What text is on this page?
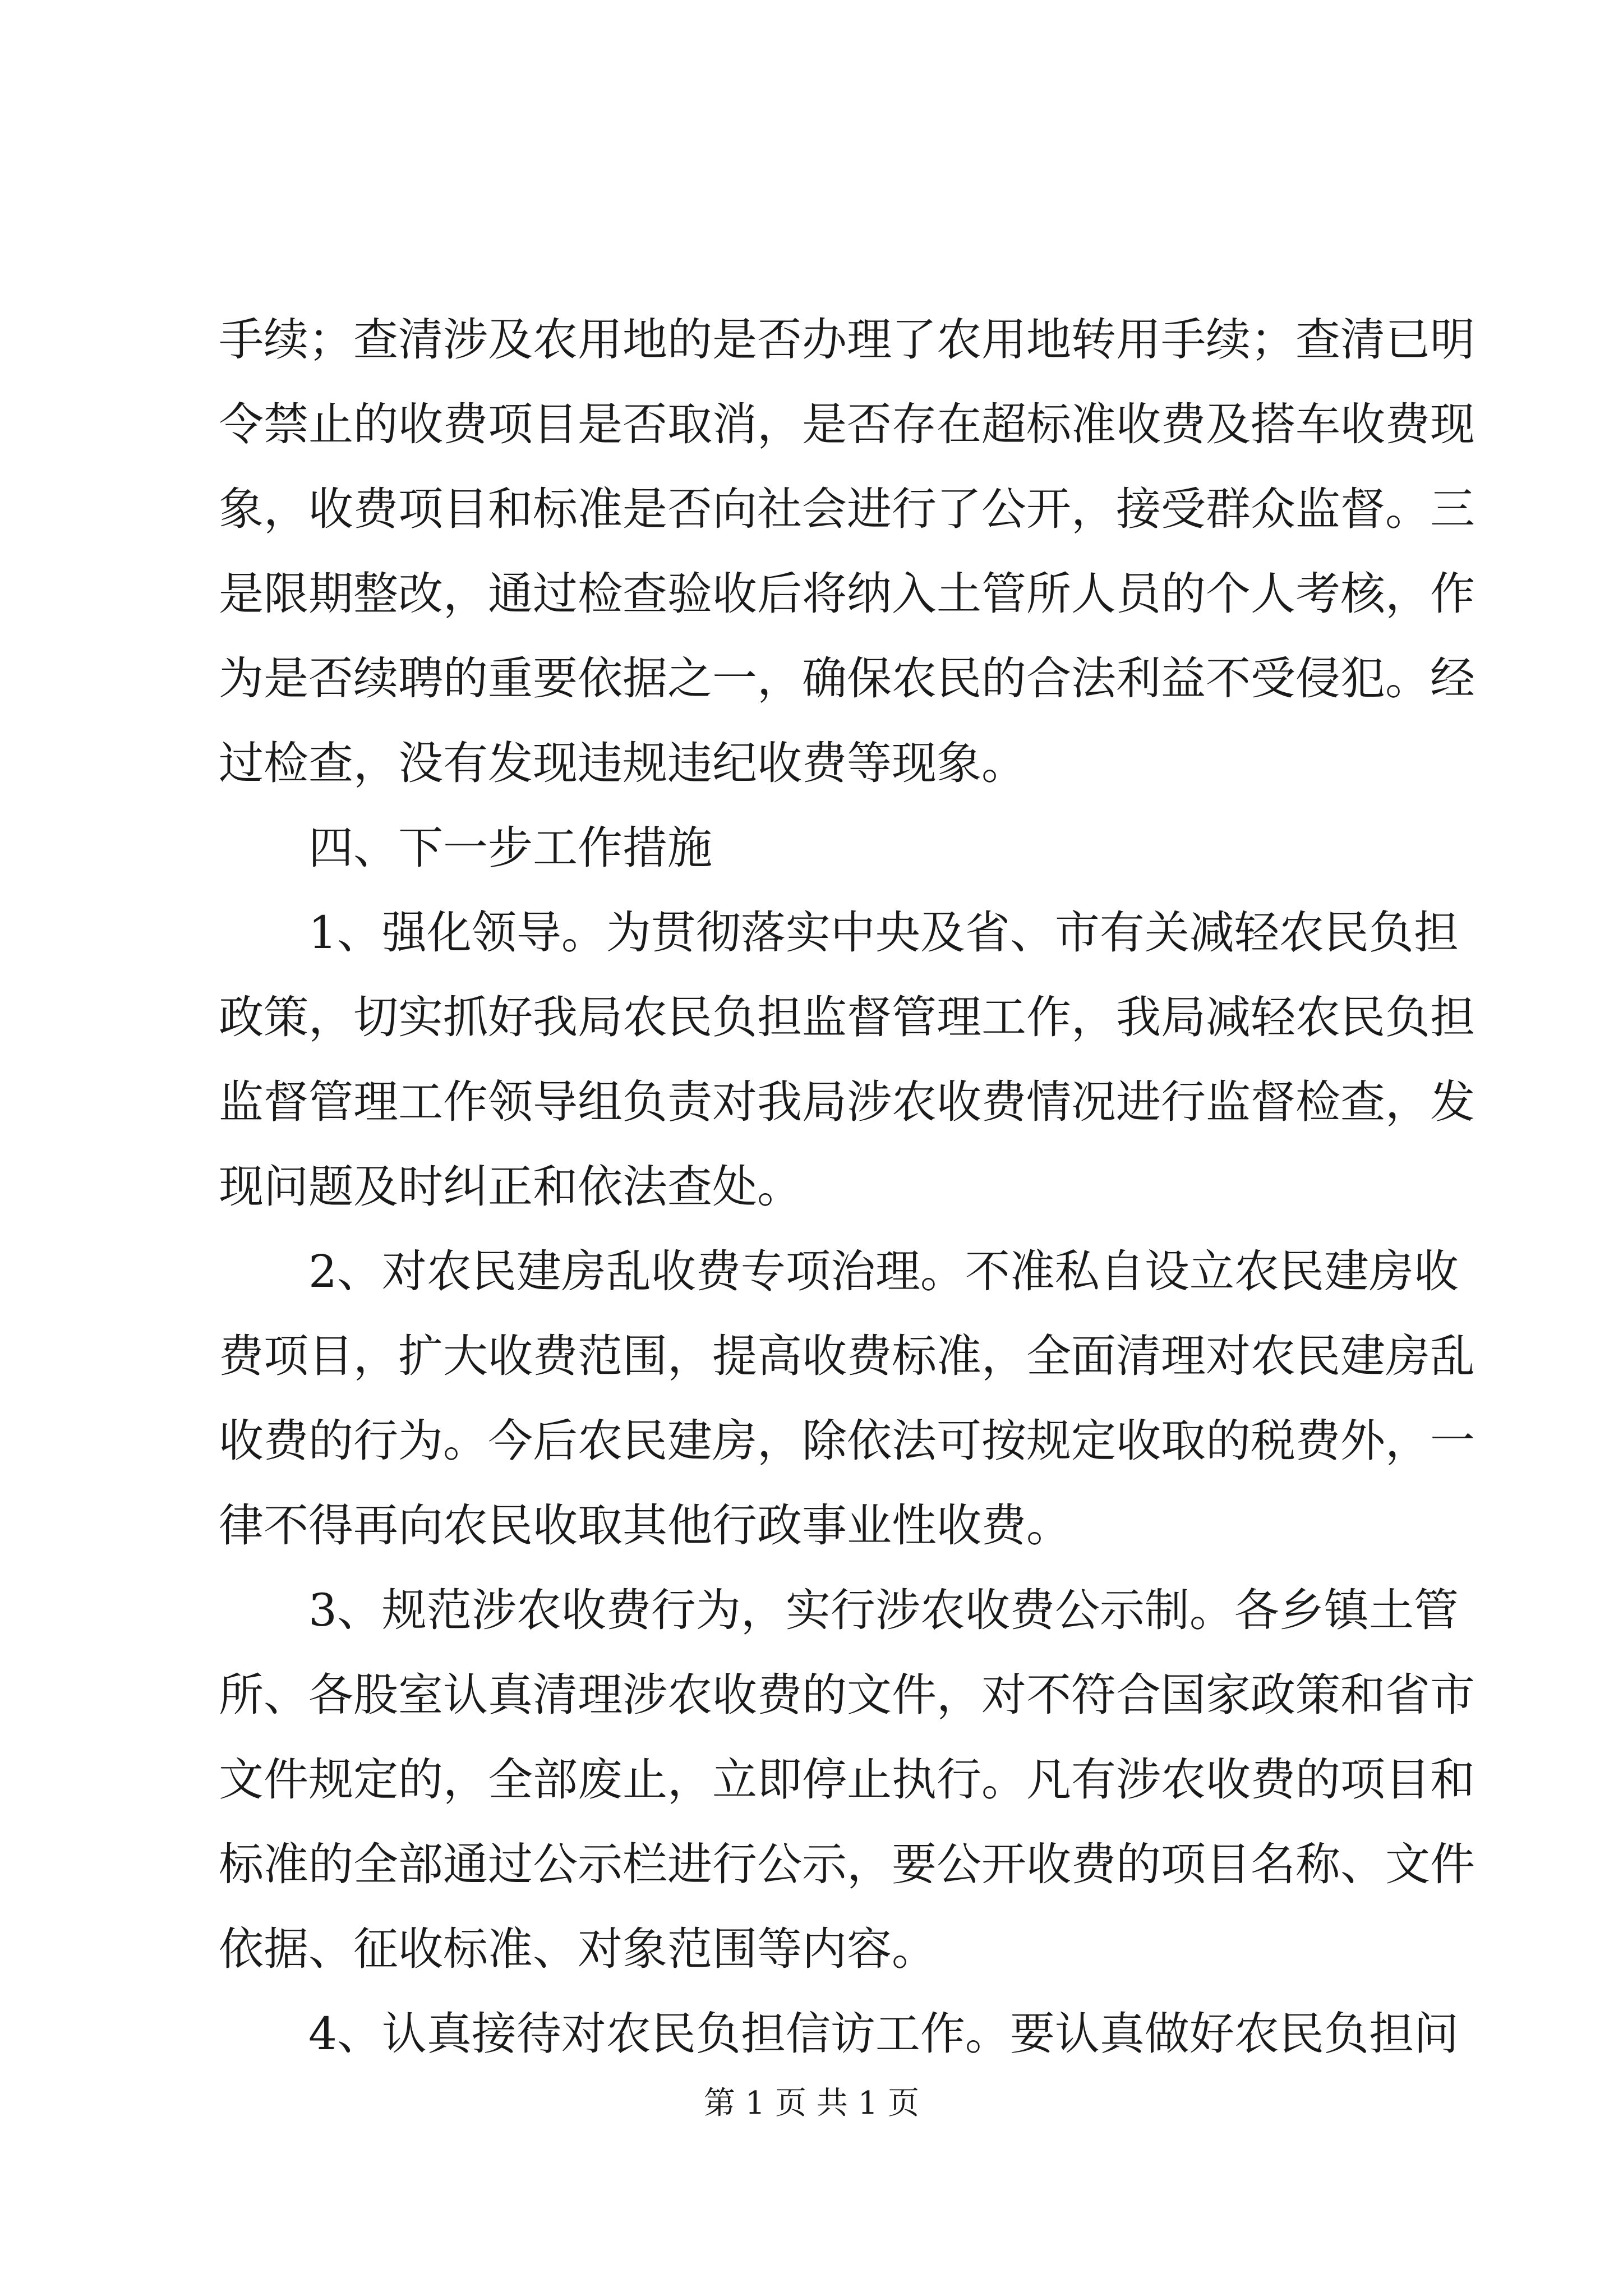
手续；查清涉及农用地的是否办理了农用地转用手续；查清已明
令禁止的收费项目是否取消，是否存在超标准收费及搭车收费现
象，收费项目和标准是否向社会进行了公开，接受群众监督。三
是限期整改，通过检查验收后将纳入土管所人员的个人考核，作
为是否续聘的重要依据之一，确保农民的合法利益不受侵犯。经
过检查，没有发现违规违纪收费等现象。
四、下一步工作措施
1、强化领导。为贯彻落实中央及省、市有关减轻农民负担
政策，切实抓好我局农民负担监督管理工作，我局减轻农民负担
监督管理工作领导组负责对我局涉农收费情况进行监督检查，发
现问题及时纠正和依法查处。
2、对农民建房乱收费专项治理。不准私自设立农民建房收
费项目，扩大收费范围，提高收费标准，全面清理对农民建房乱
收费的行为。今后农民建房，除依法可按规定收取的税费外，一
律不得再向农民收取其他行政事业性收费。
3、规范涉农收费行为，实行涉农收费公示制。各乡镇土管
所、各股室认真清理涉农收费的文件，对不符合国家政策和省市
文件规定的，全部废止，立即停止执行。凡有涉农收费的项目和
标准的全部通过公示栏进行公示，要公开收费的项目名称、文件
依据、征收标准、对象范围等内容。
4、认真接待对农民负担信访工作。要认真做好农民负担问
第 1 页 共 1 页
